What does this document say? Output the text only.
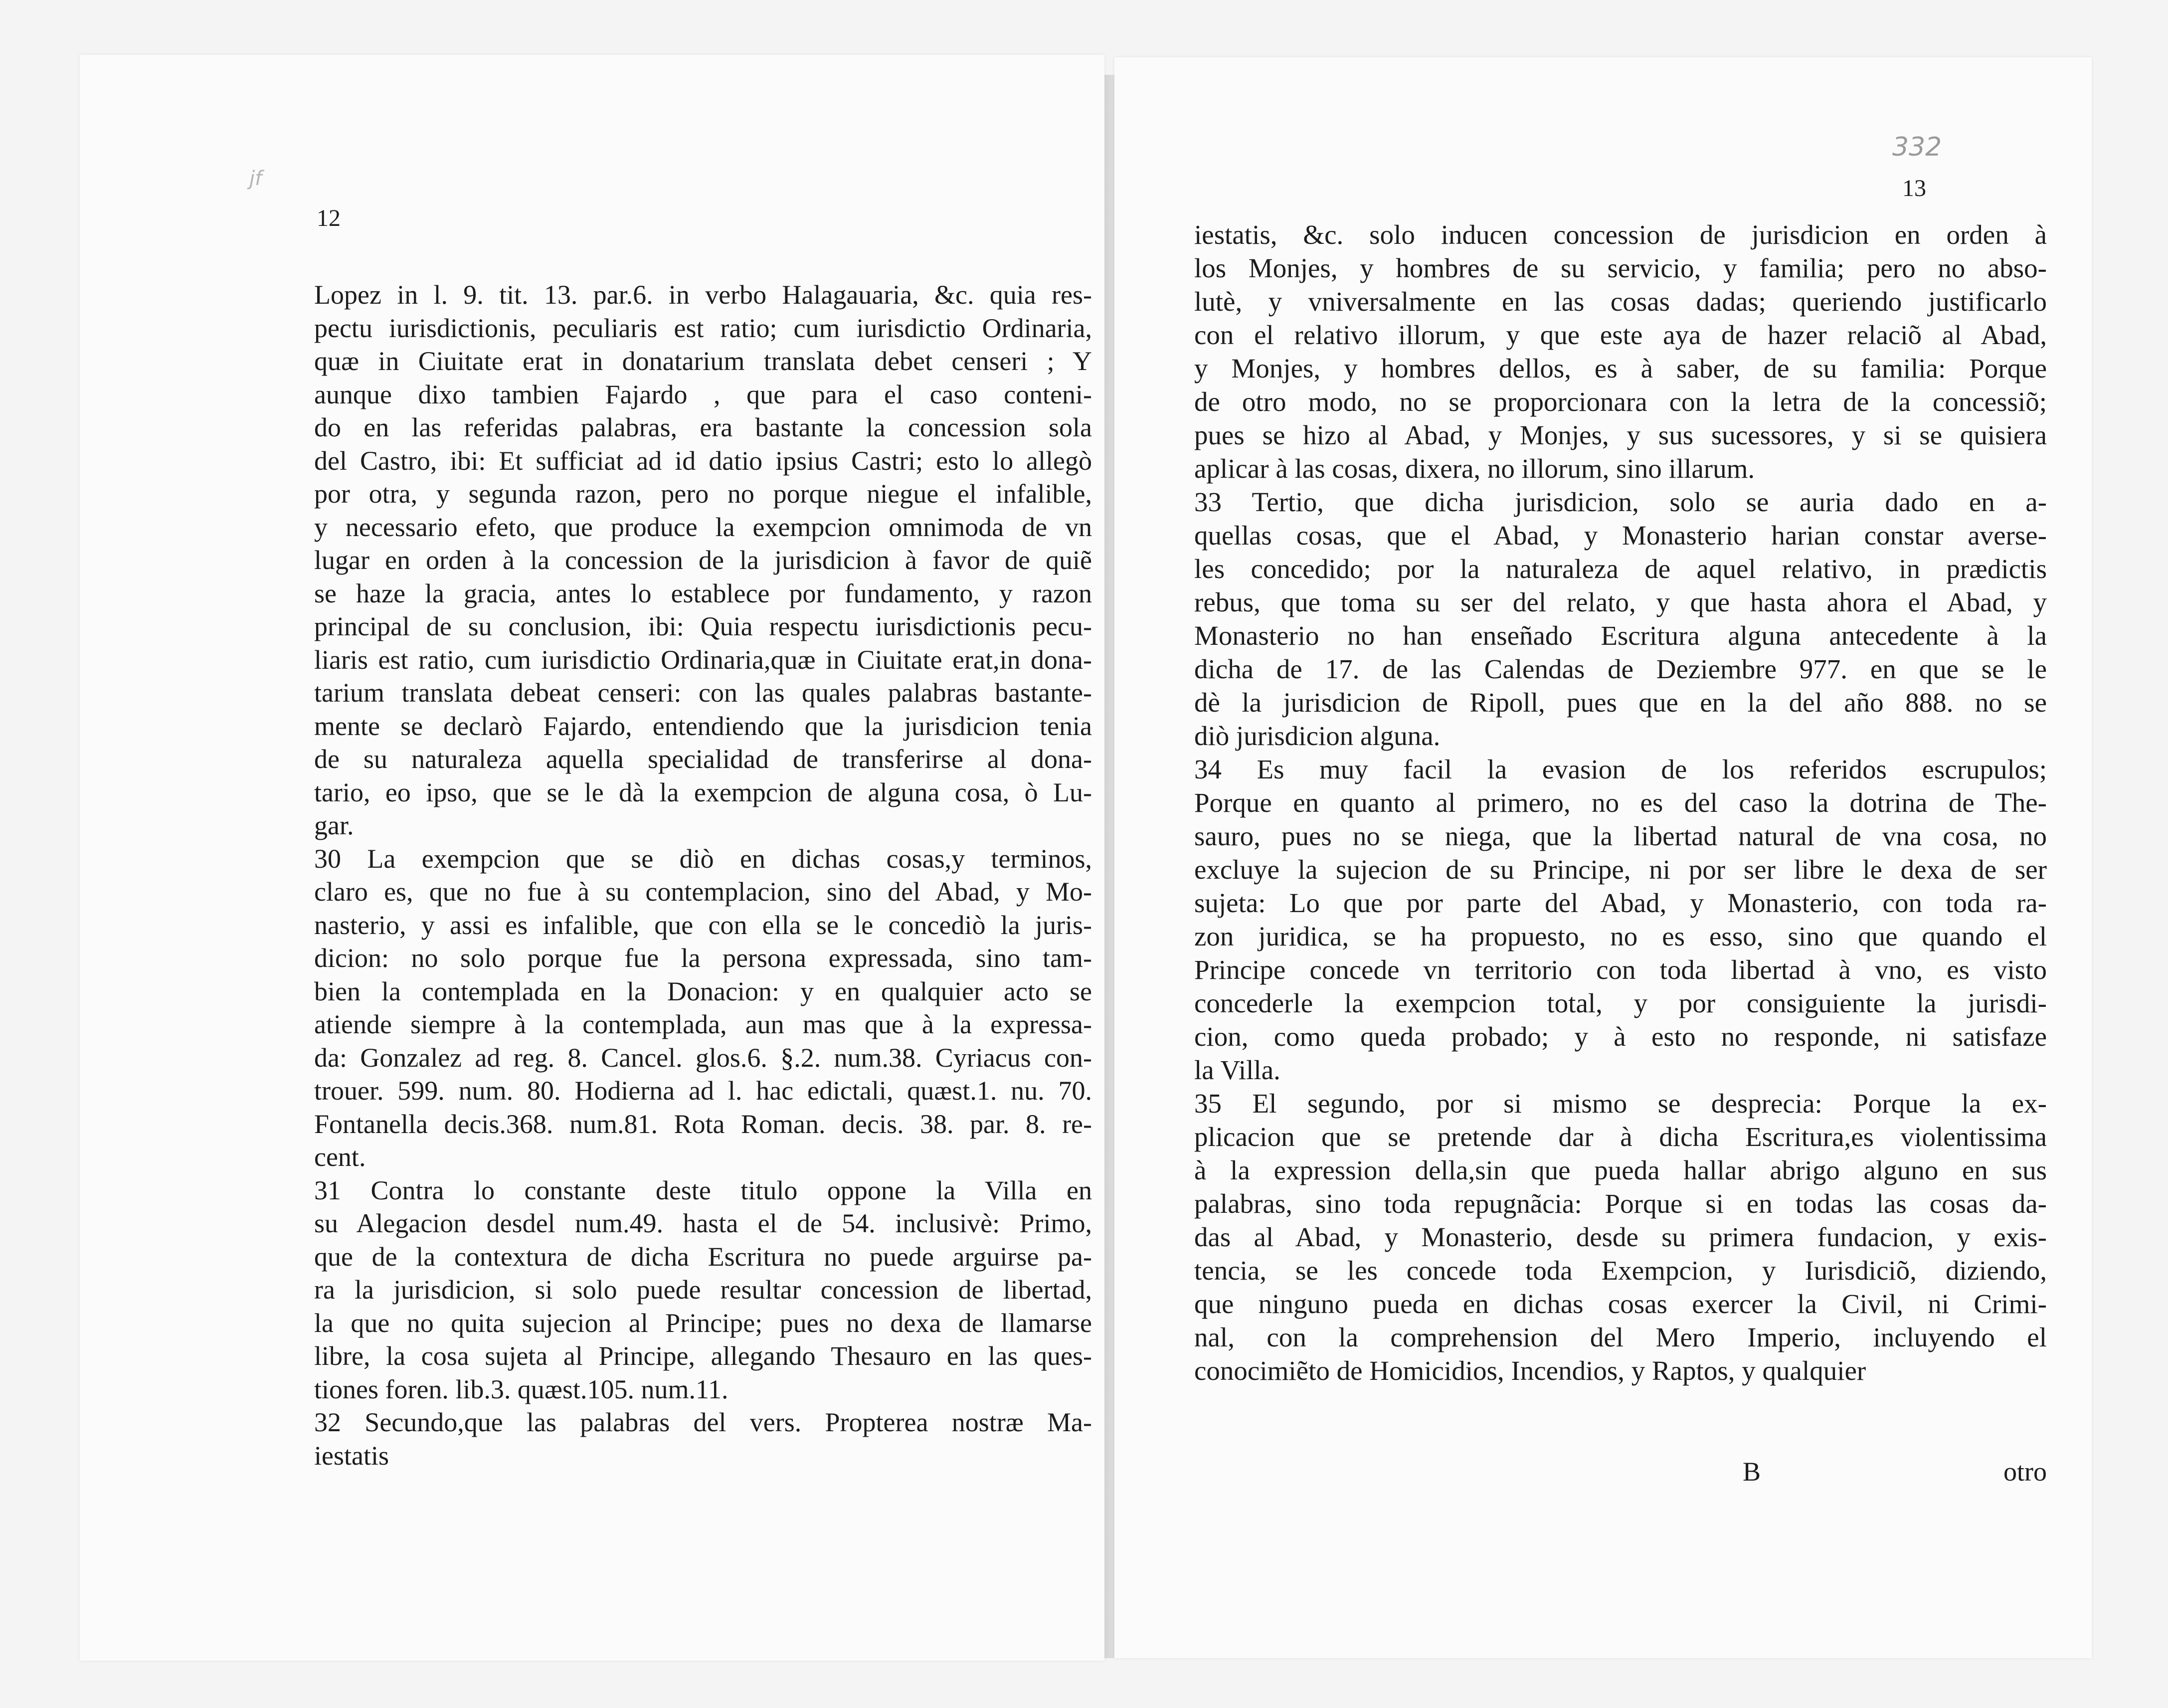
jf
12
Lopez in l. 9. tit. 13. par.6. in verbo Halagauaria, &c. quia res-
pectu iurisdictionis, peculiaris est ratio; cum iurisdictio Ordinaria,
quæ in Ciuitate erat in donatarium translata debet censeri ; Y
aunque dixo tambien Fajardo , que para el caso conteni-
do en las referidas palabras, era bastante la concession sola
del Castro, ibi: Et sufficiat ad id datio ipsius Castri; esto lo allegò
por otra, y segunda razon, pero no porque niegue el infalible,
y necessario efeto, que produce la exempcion omnimoda de vn
lugar en orden à la concession de la jurisdicion à favor de quiẽ
se haze la gracia, antes lo establece por fundamento, y razon
principal de su conclusion, ibi: Quia respectu iurisdictionis pecu-
liaris est ratio, cum iurisdictio Ordinaria,quæ in Ciuitate erat,in dona-
tarium translata debeat censeri: con las quales palabras bastante-
mente se declarò Fajardo, entendiendo que la jurisdicion tenia
de su naturaleza aquella specialidad de transferirse al dona-
tario, eo ipso, que se le dà la exempcion de alguna cosa, ò Lu-
gar.
30 La exempcion que se diò en dichas cosas,y terminos,
claro es, que no fue à su contemplacion, sino del Abad, y Mo-
nasterio, y assi es infalible, que con ella se le concediò la juris-
dicion: no solo porque fue la persona expressada, sino tam-
bien la contemplada en la Donacion: y en qualquier acto se
atiende siempre à la contemplada, aun mas que à la expressa-
da: Gonzalez ad reg. 8. Cancel. glos.6. §.2. num.38. Cyriacus con-
trouer. 599. num. 80. Hodierna ad l. hac edictali, quæst.1. nu. 70.
Fontanella decis.368. num.81. Rota Roman. decis. 38. par. 8. re-
cent.
31 Contra lo constante deste titulo oppone la Villa en
su Alegacion desdel num.49. hasta el de 54. inclusivè: Primo,
que de la contextura de dicha Escritura no puede arguirse pa-
ra la jurisdicion, si solo puede resultar concession de libertad,
la que no quita sujecion al Principe; pues no dexa de llamarse
libre, la cosa sujeta al Principe, allegando Thesauro en las ques-
tiones foren. lib.3. quæst.105. num.11.
32 Secundo,que las palabras del vers. Propterea nostræ Ma-
iestatis
332
13
iestatis, &c. solo inducen concession de jurisdicion en orden à
los Monjes, y hombres de su servicio, y familia; pero no abso-
lutè, y vniversalmente en las cosas dadas; queriendo justificarlo
con el relativo illorum, y que este aya de hazer relaciõ al Abad,
y Monjes, y hombres dellos, es à saber, de su familia: Porque
de otro modo, no se proporcionara con la letra de la concessiõ;
pues se hizo al Abad, y Monjes, y sus sucessores, y si se quisiera
aplicar à las cosas, dixera, no illorum, sino illarum.
33 Tertio, que dicha jurisdicion, solo se auria dado en a-
quellas cosas, que el Abad, y Monasterio harian constar averse-
les concedido; por la naturaleza de aquel relativo, in prædictis
rebus, que toma su ser del relato, y que hasta ahora el Abad, y
Monasterio no han enseñado Escritura alguna antecedente à la
dicha de 17. de las Calendas de Deziembre 977. en que se le
dè la jurisdicion de Ripoll, pues que en la del año 888. no se
diò jurisdicion alguna.
34 Es muy facil la evasion de los referidos escrupulos;
Porque en quanto al primero, no es del caso la dotrina de The-
sauro, pues no se niega, que la libertad natural de vna cosa, no
excluye la sujecion de su Principe, ni por ser libre le dexa de ser
sujeta: Lo que por parte del Abad, y Monasterio, con toda ra-
zon juridica, se ha propuesto, no es esso, sino que quando el
Principe concede vn territorio con toda libertad à vno, es visto
concederle la exempcion total, y por consiguiente la jurisdi-
cion, como queda probado; y à esto no responde, ni satisfaze
la Villa.
35 El segundo, por si mismo se desprecia: Porque la ex-
plicacion que se pretende dar à dicha Escritura,es violentissima
à la expression della,sin que pueda hallar abrigo alguno en sus
palabras, sino toda repugnãcia: Porque si en todas las cosas da-
das al Abad, y Monasterio, desde su primera fundacion, y exis-
tencia, se les concede toda Exempcion, y Iurisdiciõ, diziendo,
que ninguno pueda en dichas cosas exercer la Civil, ni Crimi-
nal, con la comprehension del Mero Imperio, incluyendo el
conocimiẽto de Homicidios, Incendios, y Raptos, y qualquier
B	otro
